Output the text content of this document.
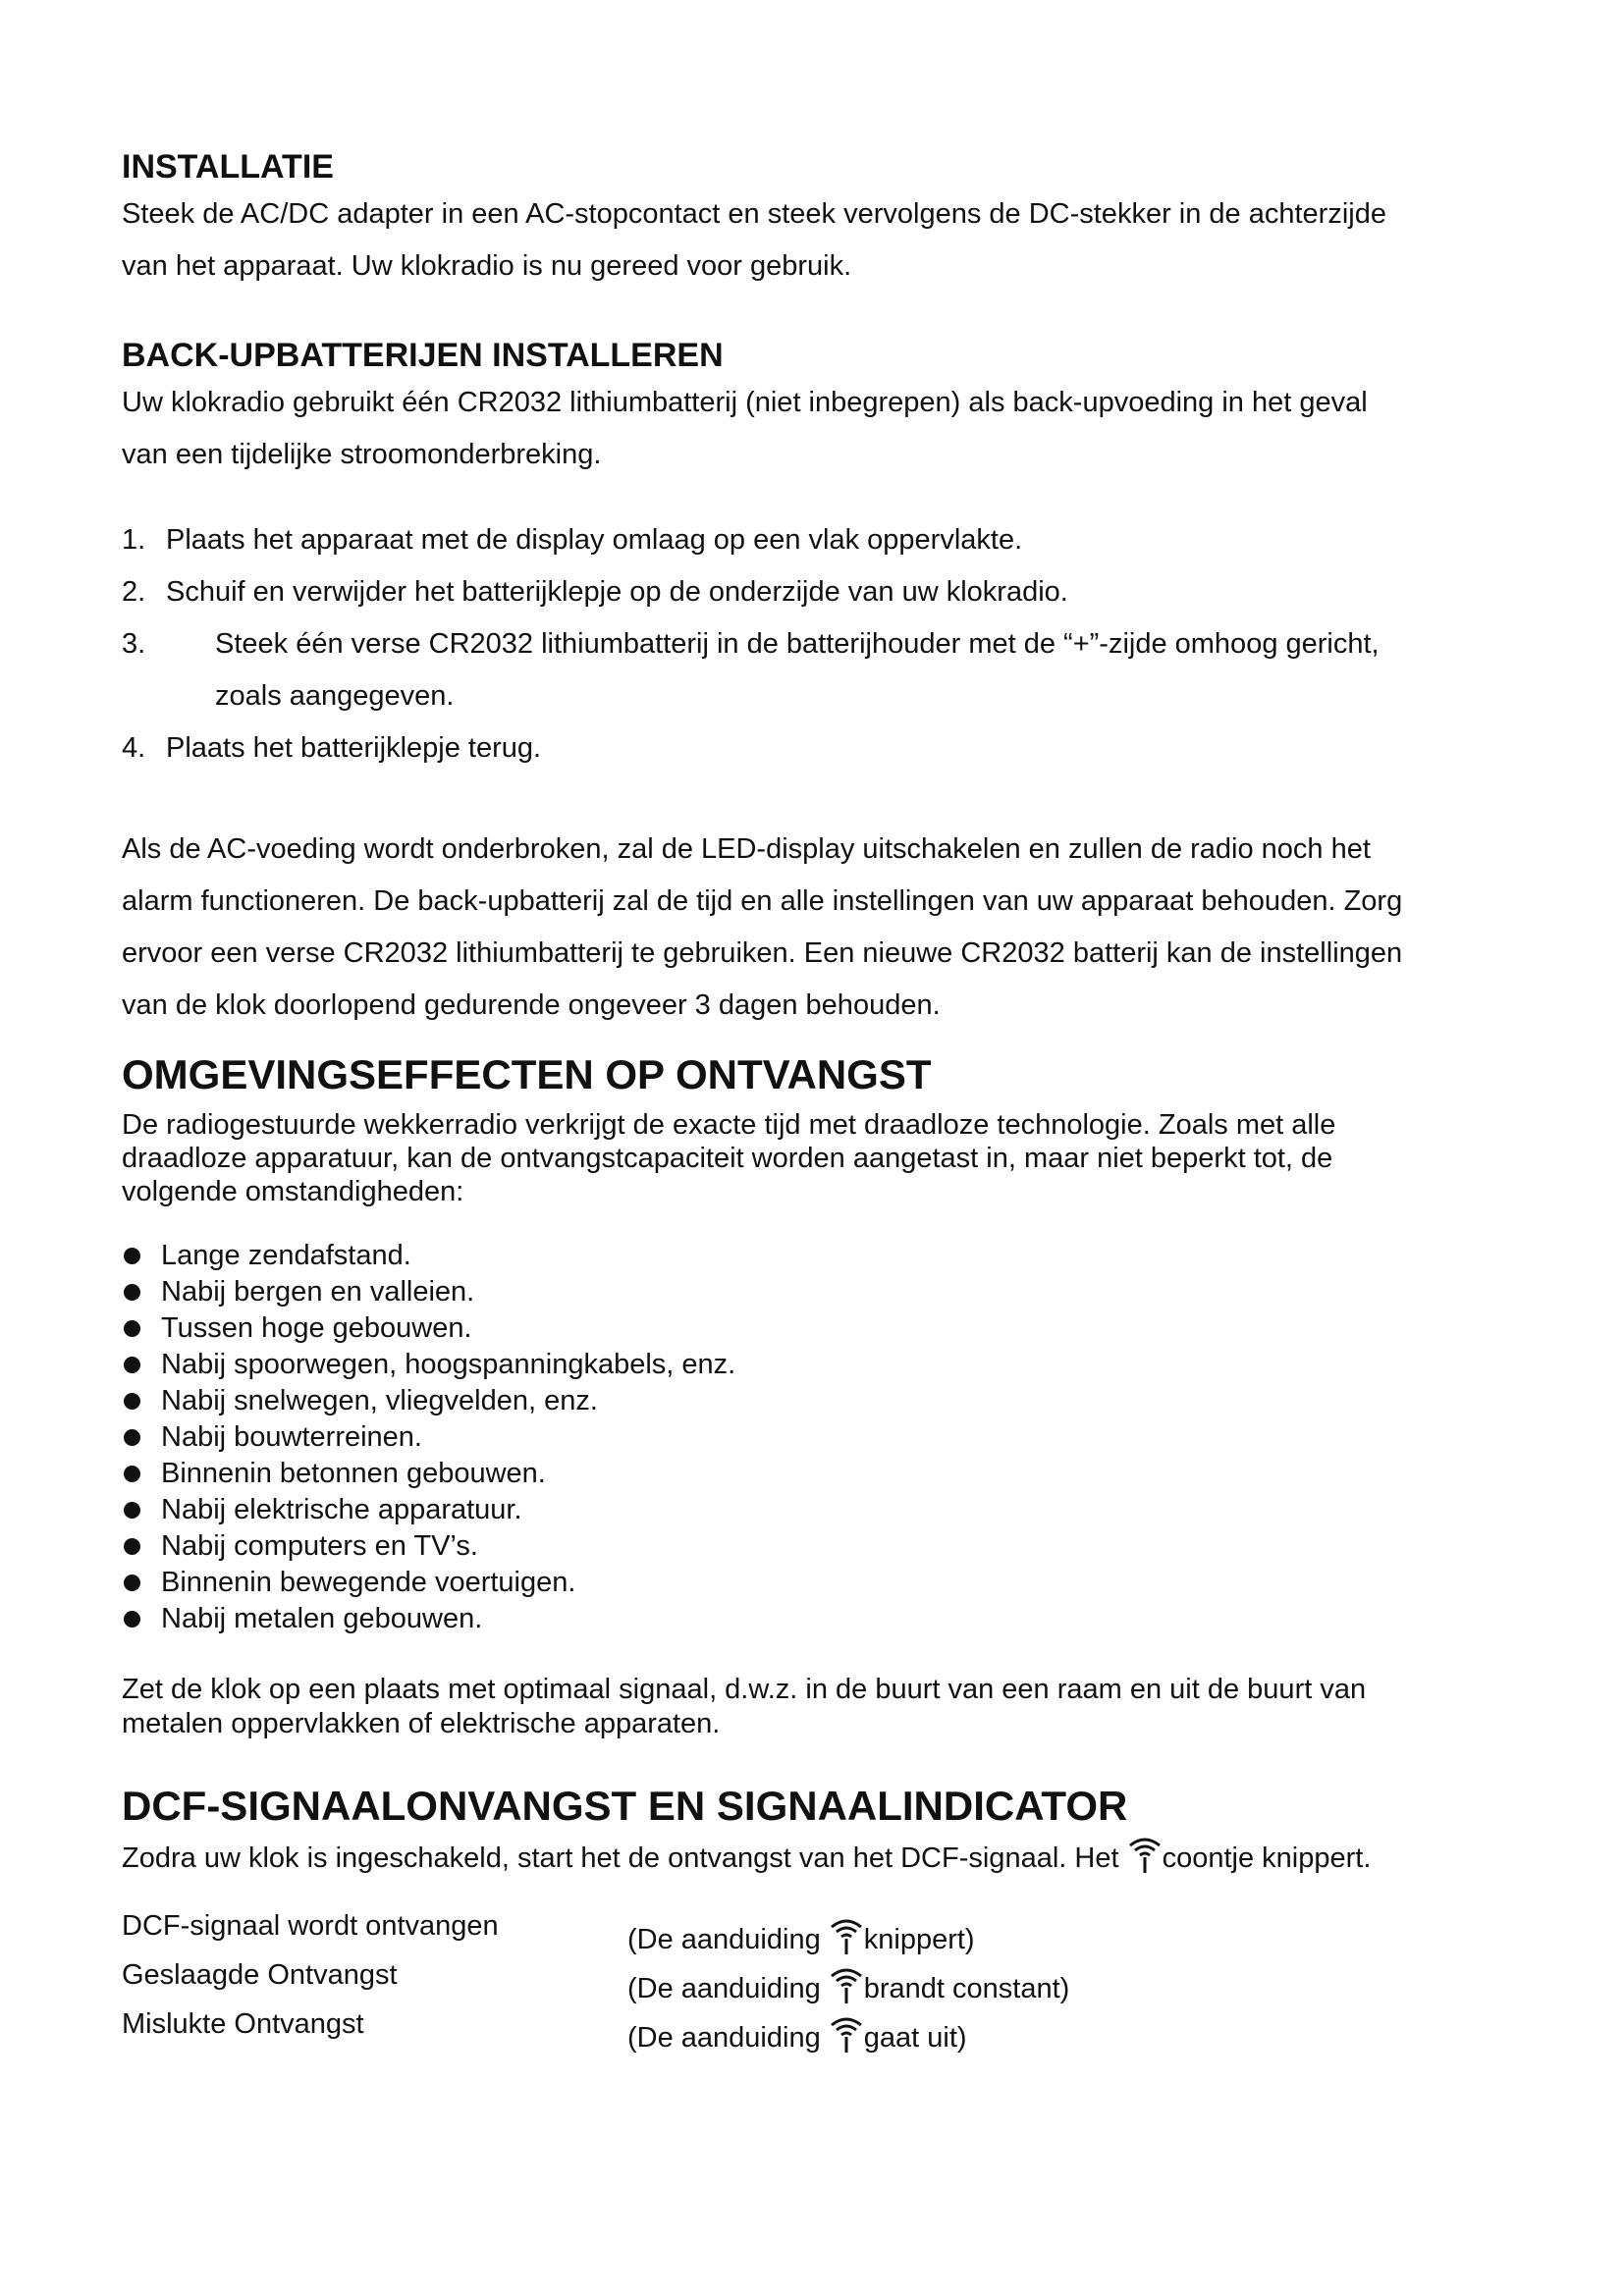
INSTALLATIE

Steek de AC/DC adapter in een AC-stopcontact en steek vervolgens de DC-stekker in de achterzijde
van het apparaat. Uw klokradio is nu gereed voor gebruik.

BACK-UPBATTERIJEN INSTALLEREN

Uw klokradio gebruikt één CR2032 lithiumbatterij (niet inbegrepen) als back-upvoeding in het geval
van een tijdelijke stroomonderbreking.

1. Plaats het apparaat met de display omlaag op een vlak oppervlakte.
2. Schuif en verwijder het batterijklepje op de onderzijde van uw klokradio.
3. Steek één verse CR2032 lithiumbatterij in de batterijhouder met de “+”-zijde omhoog gericht,
zoals aangegeven.
4. Plaats het batterijklepje terug.

Als de AC-voeding wordt onderbroken, zal de LED-display uitschakelen en zullen de radio noch het
alarm functioneren. De back-upbatterij zal de tijd en alle instellingen van uw apparaat behouden. Zorg
ervoor een verse CR2032 lithiumbatterij te gebruiken. Een nieuwe CR2032 batterij kan de instellingen
van de klok doorlopend gedurende ongeveer 3 dagen behouden.

OMGEVINGSEFFECTEN OP ONTVANGST

De radiogestuurde wekkerradio verkrijgt de exacte tijd met draadloze technologie. Zoals met alle
draadloze apparatuur, kan de ontvangstcapaciteit worden aangetast in, maar niet beperkt tot, de
volgende omstandigheden:

Lange zendafstand.
Nabij bergen en valleien.
Tussen hoge gebouwen.
Nabij spoorwegen, hoogspanningkabels, enz.
Nabij snelwegen, vliegvelden, enz.
Nabij bouwterreinen.
Binnenin betonnen gebouwen.
Nabij elektrische apparatuur.
Nabij computers en TV’s.
Binnenin bewegende voertuigen.
Nabij metalen gebouwen.

Zet de klok op een plaats met optimaal signaal, d.w.z. in de buurt van een raam en uit de buurt van
metalen oppervlakken of elektrische apparaten.

DCF-SIGNAALONVANGST EN SIGNAALINDICATOR

Zodra uw klok is ingeschakeld, start het de ontvangst van het DCF-signaal. Het
coontje knippert.

DCF-signaal wordt ontvangen
Geslaagde Ontvangst
Mislukte Ontvangst
(De aanduiding
knippert)
(De aanduiding
brandt constant)
(De aanduiding
gaat uit)
